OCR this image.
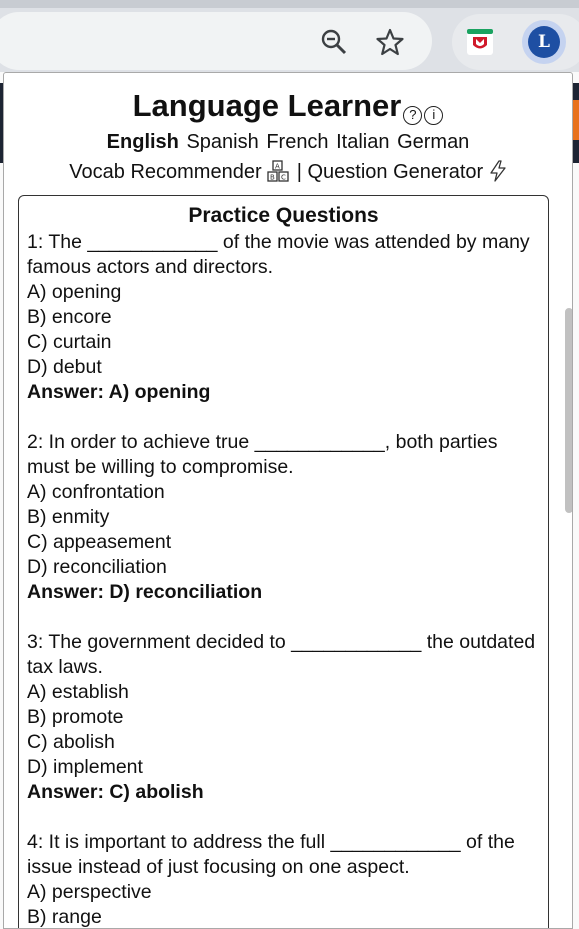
L
Language Learner ?	i
English Spanish French Italian German
Vocab Recommender A
B C | Question Generator
Practice Questions
1: The ____________ of the movie was attended by many famous actors and directors.
A) opening
B) encore
C) curtain
D) debut
Answer: A) opening
2: In order to achieve true ____________, both parties must be willing to compromise.
A) confrontation
B) enmity
C) appeasement
D) reconciliation
Answer: D) reconciliation
3: The government decided to ____________ the outdated tax laws.
A) establish
B) promote
C) abolish
D) implement
Answer: C) abolish
4: It is important to address the full ____________ of the issue instead of just focusing on one aspect.
A) perspective
B) range
